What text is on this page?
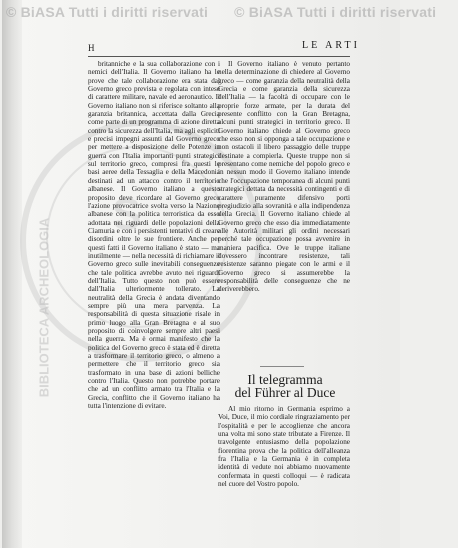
S
BIBLIOTECA ARCHEOLOGIA
H	LE ARTI
britanniche e la sua collaborazione con i nemici dell'Italia. Il Governo italiano ha le prove che tale collaborazione era stata dal Governo greco prevista e regolata con intese di carattere militare, navale ed aeronautico. Il Governo italiano non si riferisce soltanto alla garanzia britannica, accettata dalla Grecia come parte di un programma di azione diretta contro la sicurezza dell'Italia, ma agli espliciti e precisi impegni assunti dal Governo greco per mettere a disposizione delle Potenze in guerra con l'Italia importanti punti strategici sul territorio greco, compresi fra questi le basi aeree della Tessaglia e della Macedonia destinati ad un attacco contro il territorio albanese. Il Governo italiano a questo proposito deve ricordare al Governo greco l'azione provocatrice svolta verso la Nazione albanese con la politica terroristica da esso adottata nei riguardi delle popolazioni della Ciamuria e con i persistenti tentativi di creare disordini oltre le sue frontiere. Anche per questi fatti il Governo italiano è stato — ma inutilmente — nella necessità di richiamare il Governo greco sulle inevitabili conseguenze che tale politica avrebbe avuto nei riguardi dell'Italia. Tutto questo non può essere dall'Italia ulteriormente tollerato. La neutralità della Grecia è andata diventando sempre più una mera parvenza. La responsabilità di questa situazione risale in primo luogo alla Gran Bretagna e al suo proposito di coinvolgere sempre altri paesi nella guerra. Ma è ormai manifesto che la politica del Governo greco è stata ed è diretta a trasformare il territorio greco, o almeno a permettere che il territorio greco sia trasformato in una base di azioni belliche contro l'Italia. Questo non potrebbe portare che ad un conflitto armato tra l'Italia e la Grecia, conflitto che il Governo italiano ha tutta l'intenzione di evitare.
Il Governo italiano è venuto pertanto nella determinazione di chiedere al Governo greco — come garanzia della neutralità della Grecia e come garanzia della sicurezza dell'Italia — la facoltà di occupare con le proprie forze armate, per la durata del presente conflitto con la Gran Bretagna, alcuni punti strategici in territorio greco. Il Governo italiano chiede al Governo greco che esso non si opponga a tale occupazione e non ostacoli il libero passaggio delle truppe destinate a compierla. Queste truppe non si presentano come nemiche del popolo greco e in nessun modo il Governo italiano intende che l'occupazione temporanea di alcuni punti strategici dettata da necessità contingenti e di carattere puramente difensivo porti pregiudizio alla sovranità e alla indipendenza della Grecia. Il Governo italiano chiede al Governo greco che esso dia immediatamente alle Autorità militari gli ordini necessari perché tale occupazione possa avvenire in maniera pacifica. Ove le truppe italiane dovessero incontrare resistenze, tali resistenze saranno piegate con le armi e il Governo greco si assumerebbe la responsabilità delle conseguenze che ne deriverebbero.
Il telegramma
del Führer al Duce
Al mio ritorno in Germania esprimo a Voi, Duce, il mio cordiale ringraziamento per l'ospitalità e per le accoglienze che ancora una volta mi sono state tributate a Firenze. Il travolgente entusiasmo della popolazione fiorentina prova che la politica dell'alleanza fra l'Italia e la Germania è in completa identità di vedute noi abbiamo nuovamente confermata in questi colloqui — è radicata nel cuore del Vostro popolo.
© BiASA Tutti i diritti riservati © BiASA Tutti i diritti riservati
